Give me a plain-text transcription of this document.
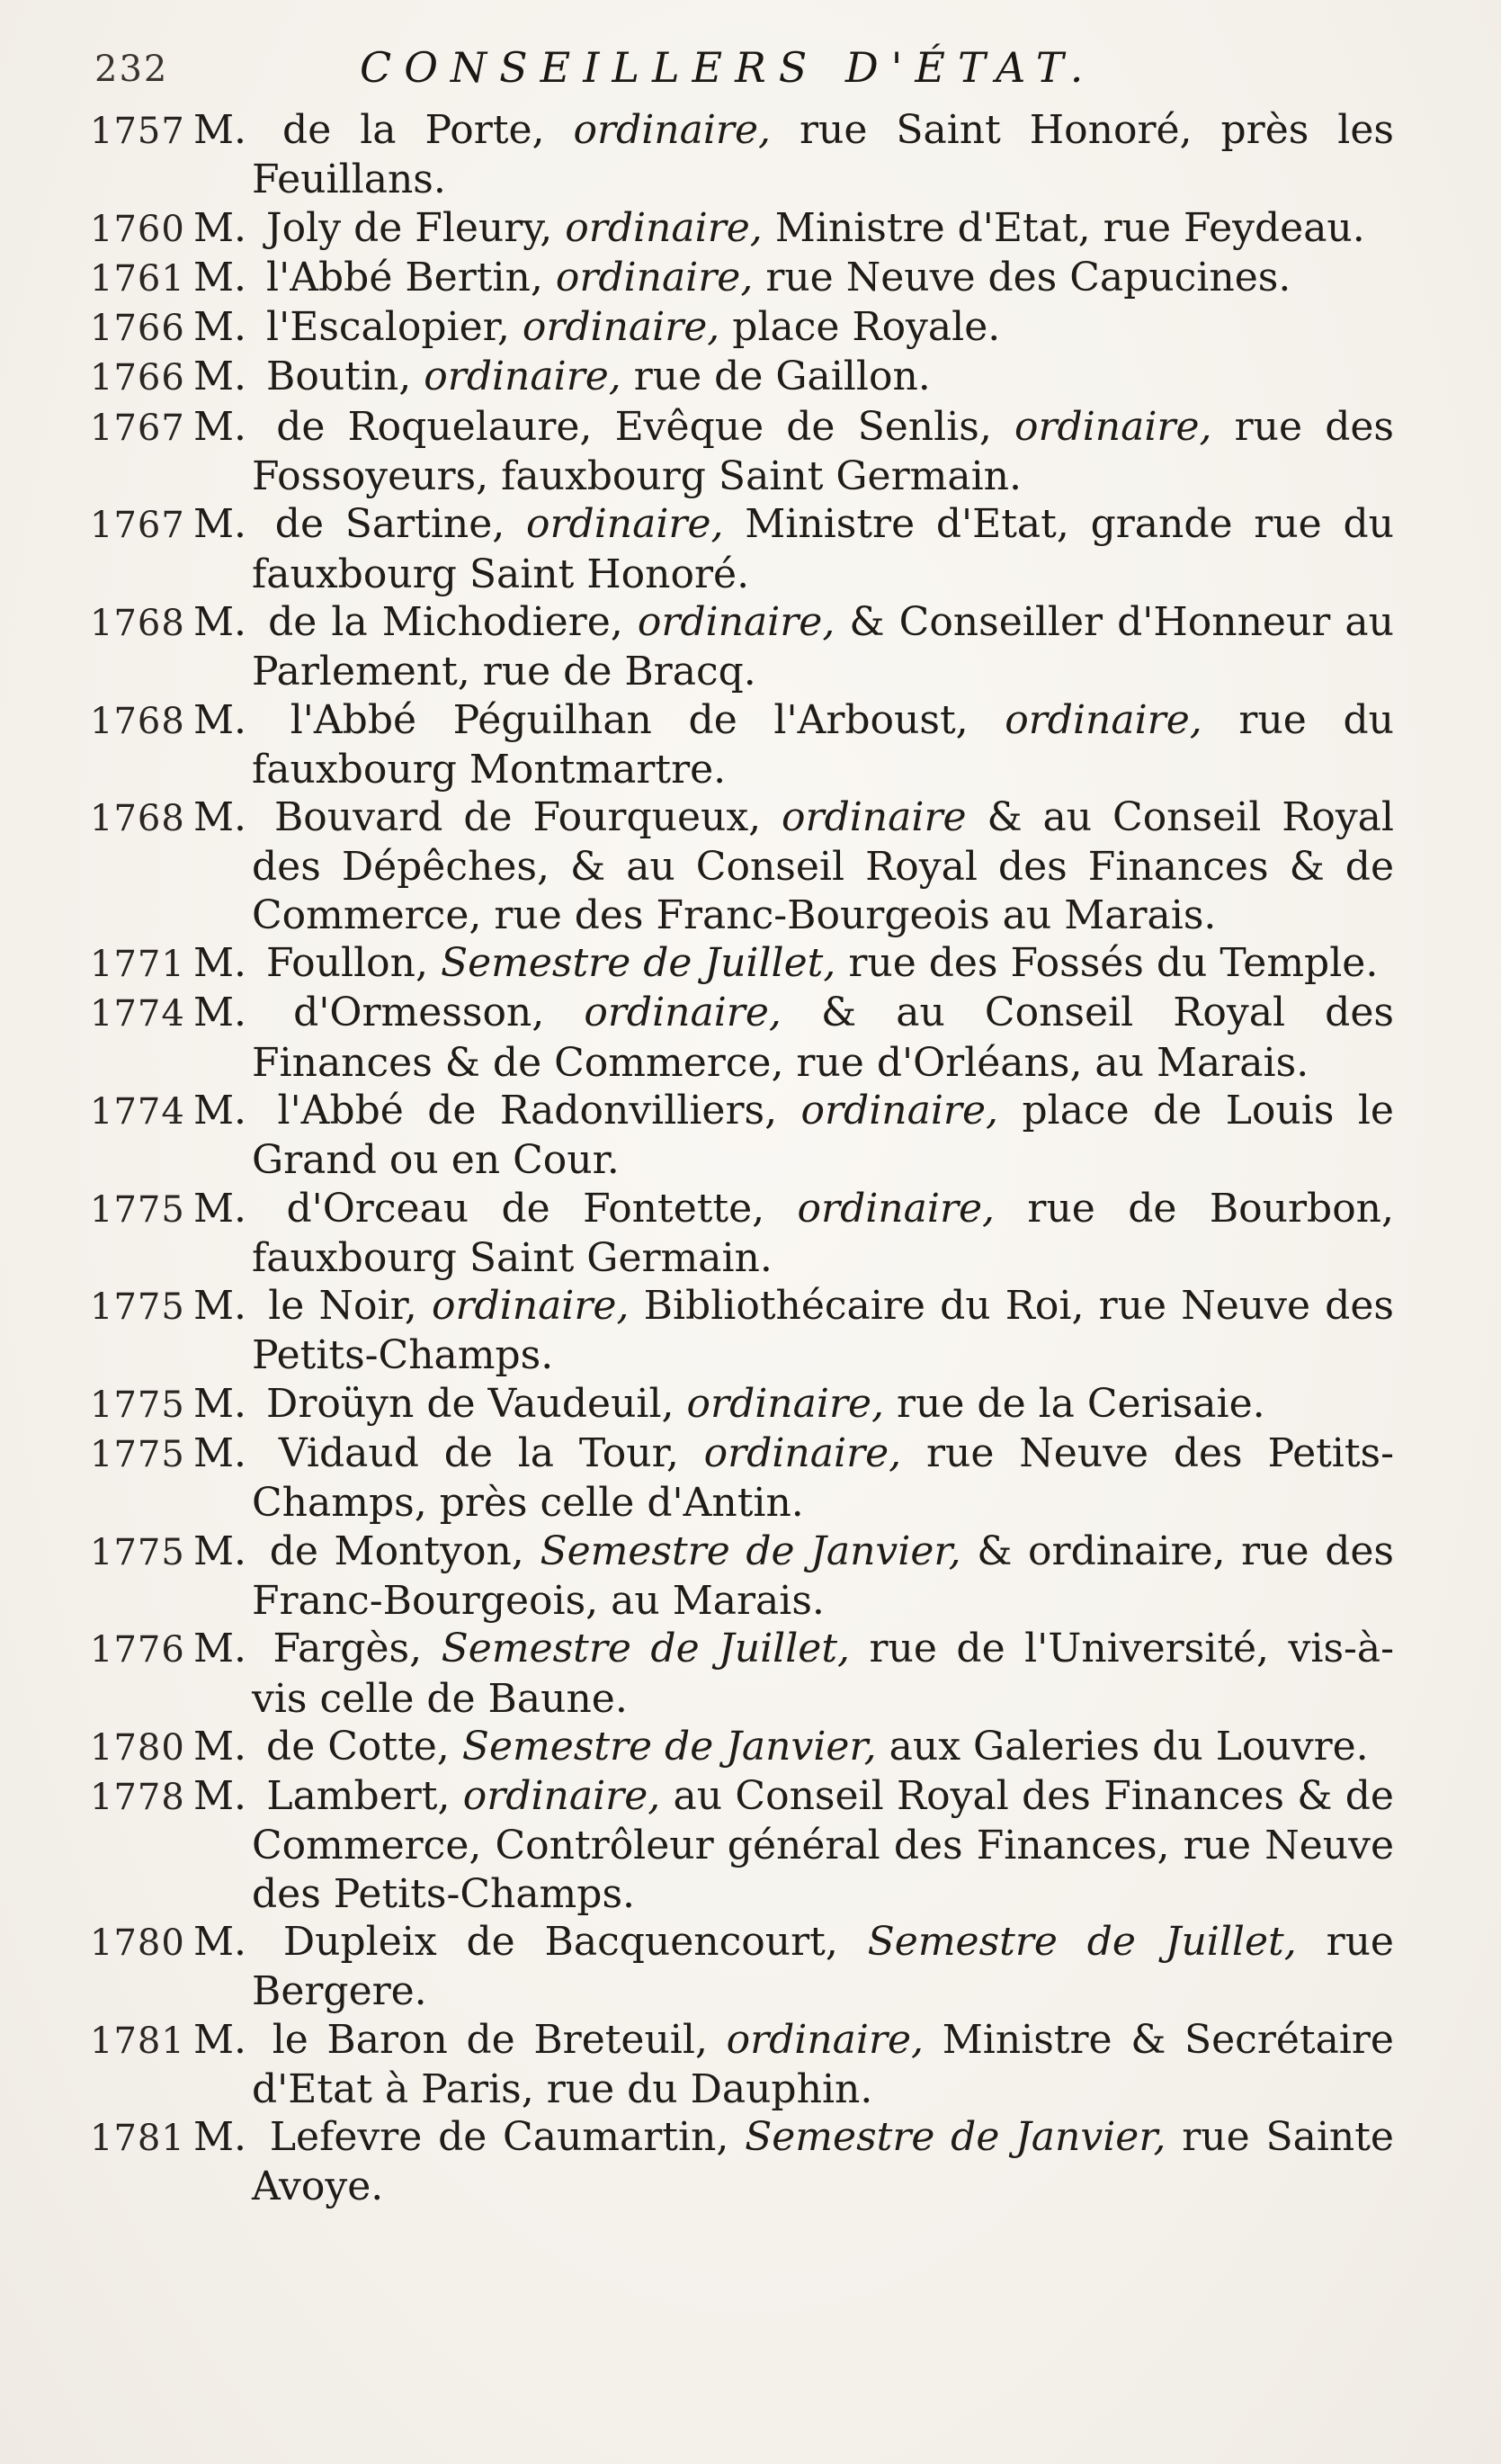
232	CONSEILLERS D'ÉTAT.
1757 M. de la Porte, ordinaire, rue Saint Honoré, près les Feuillans.
1760 M. Joly de Fleury, ordinaire, Ministre d'Etat, rue Feydeau.
1761 M. l'Abbé Bertin, ordinaire, rue Neuve des Capucines.
1766 M. l'Escalopier, ordinaire, place Royale.
1766 M. Boutin, ordinaire, rue de Gaillon.
1767 M. de Roquelaure, Evêque de Senlis, ordinaire, rue des Fossoyeurs, fauxbourg Saint Germain.
1767 M. de Sartine, ordinaire, Ministre d'Etat, grande rue du fauxbourg Saint Honoré.
1768 M. de la Michodiere, ordinaire, & Conseiller d'Honneur au Parlement, rue de Bracq.
1768 M. l'Abbé Péguilhan de l'Arboust, ordinaire, rue du fauxbourg Montmartre.
1768 M. Bouvard de Fourqueux, ordinaire & au Conseil Royal des Dépêches, & au Conseil Royal des Finances & de Commerce, rue des Franc-Bourgeois au Marais.
1771 M. Foullon, Semestre de Juillet, rue des Fossés du Temple.
1774 M. d'Ormesson, ordinaire, & au Conseil Royal des Finances & de Commerce, rue d'Orléans, au Marais.
1774 M. l'Abbé de Radonvilliers, ordinaire, place de Louis le Grand ou en Cour.
1775 M. d'Orceau de Fontette, ordinaire, rue de Bourbon, fauxbourg Saint Germain.
1775 M. le Noir, ordinaire, Bibliothécaire du Roi, rue Neuve des Petits-Champs.
1775 M. Droüyn de Vaudeuil, ordinaire, rue de la Cerisaie.
1775 M. Vidaud de la Tour, ordinaire, rue Neuve des Petits-Champs, près celle d'Antin.
1775 M. de Montyon, Semestre de Janvier, & ordinaire, rue des Franc-Bourgeois, au Marais.
1776 M. Fargès, Semestre de Juillet, rue de l'Université, vis-à-vis celle de Baune.
1780 M. de Cotte, Semestre de Janvier, aux Galeries du Louvre.
1778 M. Lambert, ordinaire, au Conseil Royal des Finances & de Commerce, Contrôleur général des Finances, rue Neuve des Petits-Champs.
1780 M. Dupleix de Bacquencourt, Semestre de Juillet, rue Bergere.
1781 M. le Baron de Breteuil, ordinaire, Ministre & Secrétaire d'Etat à Paris, rue du Dauphin.
1781 M. Lefevre de Caumartin, Semestre de Janvier, rue Sainte Avoye.
